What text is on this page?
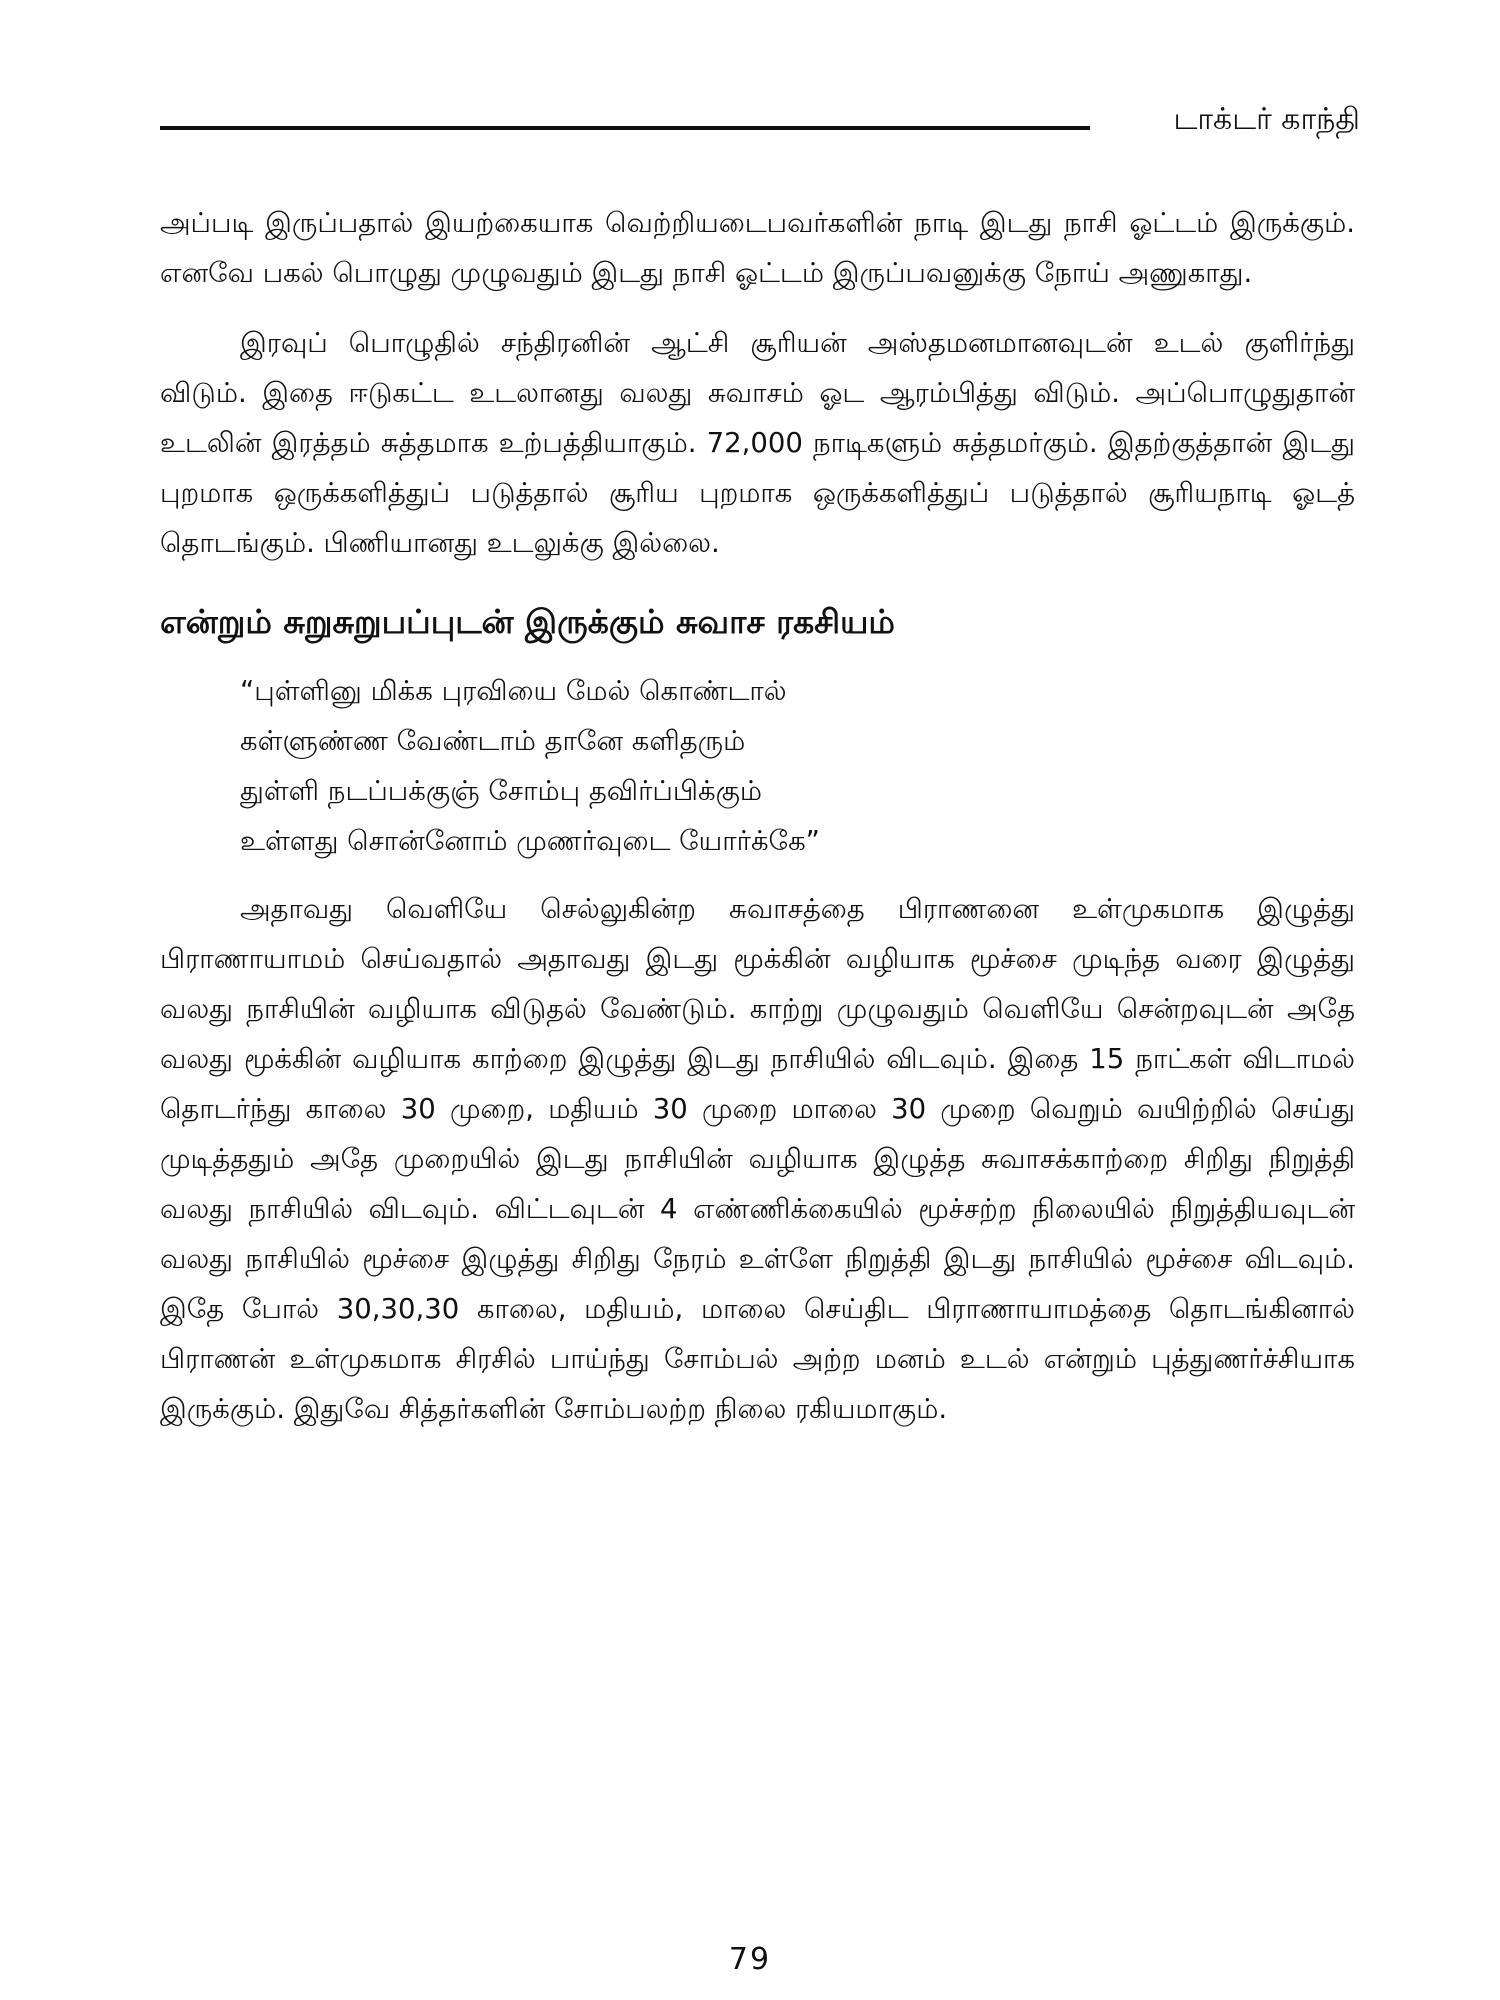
டாக்டர் காந்தி

அப்படி இருப்பதால் இயற்கையாக வெற்றியடைபவர்களின் நாடி இடது நாசி ஓட்டம் இருக்கும். எனவே பகல் பொழுது முழுவதும் இடது நாசி ஓட்டம் இருப்பவனுக்கு நோய் அணுகாது.

இரவுப் பொழுதில் சந்திரனின் ஆட்சி சூரியன் அஸ்தமனமானவுடன் உடல் குளிர்ந்து விடும். இதை ஈடுகட்ட உடலானது வலது சுவாசம் ஓட ஆரம்பித்து விடும். அப்பொழுதுதான் உடலின் இரத்தம் சுத்தமாக உற்பத்தியாகும். 72,000 நாடிகளும் சுத்தமர்கும். இதற்குத்தான் இடது புறமாக ஒருக்களித்துப் படுத்தால் சூரிய புறமாக ஒருக்களித்துப் படுத்தால் சூரியநாடி ஓடத் தொடங்கும். பிணியானது உடலுக்கு இல்லை.

என்றும் சுறுசுறுபப்புடன் இருக்கும் சுவாச ரகசியம்
“புள்ளினு மிக்க புரவியை மேல் கொண்டால்
கள்ளுண்ண வேண்டாம் தானே களிதரும்
துள்ளி நடப்பக்குஞ் சோம்பு தவிர்ப்பிக்கும்
உள்ளது சொன்னோம் முணர்வுடை யோர்க்கே”

அதாவது வெளியே செல்லுகின்ற சுவாசத்தை பிராணனை உள்முகமாக இழுத்து பிராணாயாமம் செய்வதால் அதாவது இடது மூக்கின் வழியாக மூச்சை முடிந்த வரை இழுத்து வலது நாசியின் வழியாக விடுதல் வேண்டும். காற்று முழுவதும் வெளியே சென்றவுடன் அதே வலது மூக்கின் வழியாக காற்றை இழுத்து இடது நாசியில் விடவும். இதை 15 நாட்கள் விடாமல் தொடர்ந்து காலை 30 முறை, மதியம் 30 முறை மாலை 30 முறை வெறும் வயிற்றில் செய்து முடித்ததும் அதே முறையில் இடது நாசியின் வழியாக இழுத்த சுவாசக்காற்றை சிறிது நிறுத்தி வலது நாசியில் விடவும். விட்டவுடன் 4 எண்ணிக்கையில் மூச்சற்ற நிலையில் நிறுத்தியவுடன் வலது நாசியில் மூச்சை இழுத்து சிறிது நேரம் உள்ளே நிறுத்தி இடது நாசியில் மூச்சை விடவும். இதே போல் 30,30,30 காலை, மதியம், மாலை செய்திட பிராணாயாமத்தை தொடங்கினால் பிராணன் உள்முகமாக சிரசில் பாய்ந்து சோம்பல் அற்ற மனம் உடல் என்றும் புத்துணர்ச்சியாக இருக்கும். இதுவே சித்தர்களின் சோம்பலற்ற நிலை ரகியமாகும்.

79
